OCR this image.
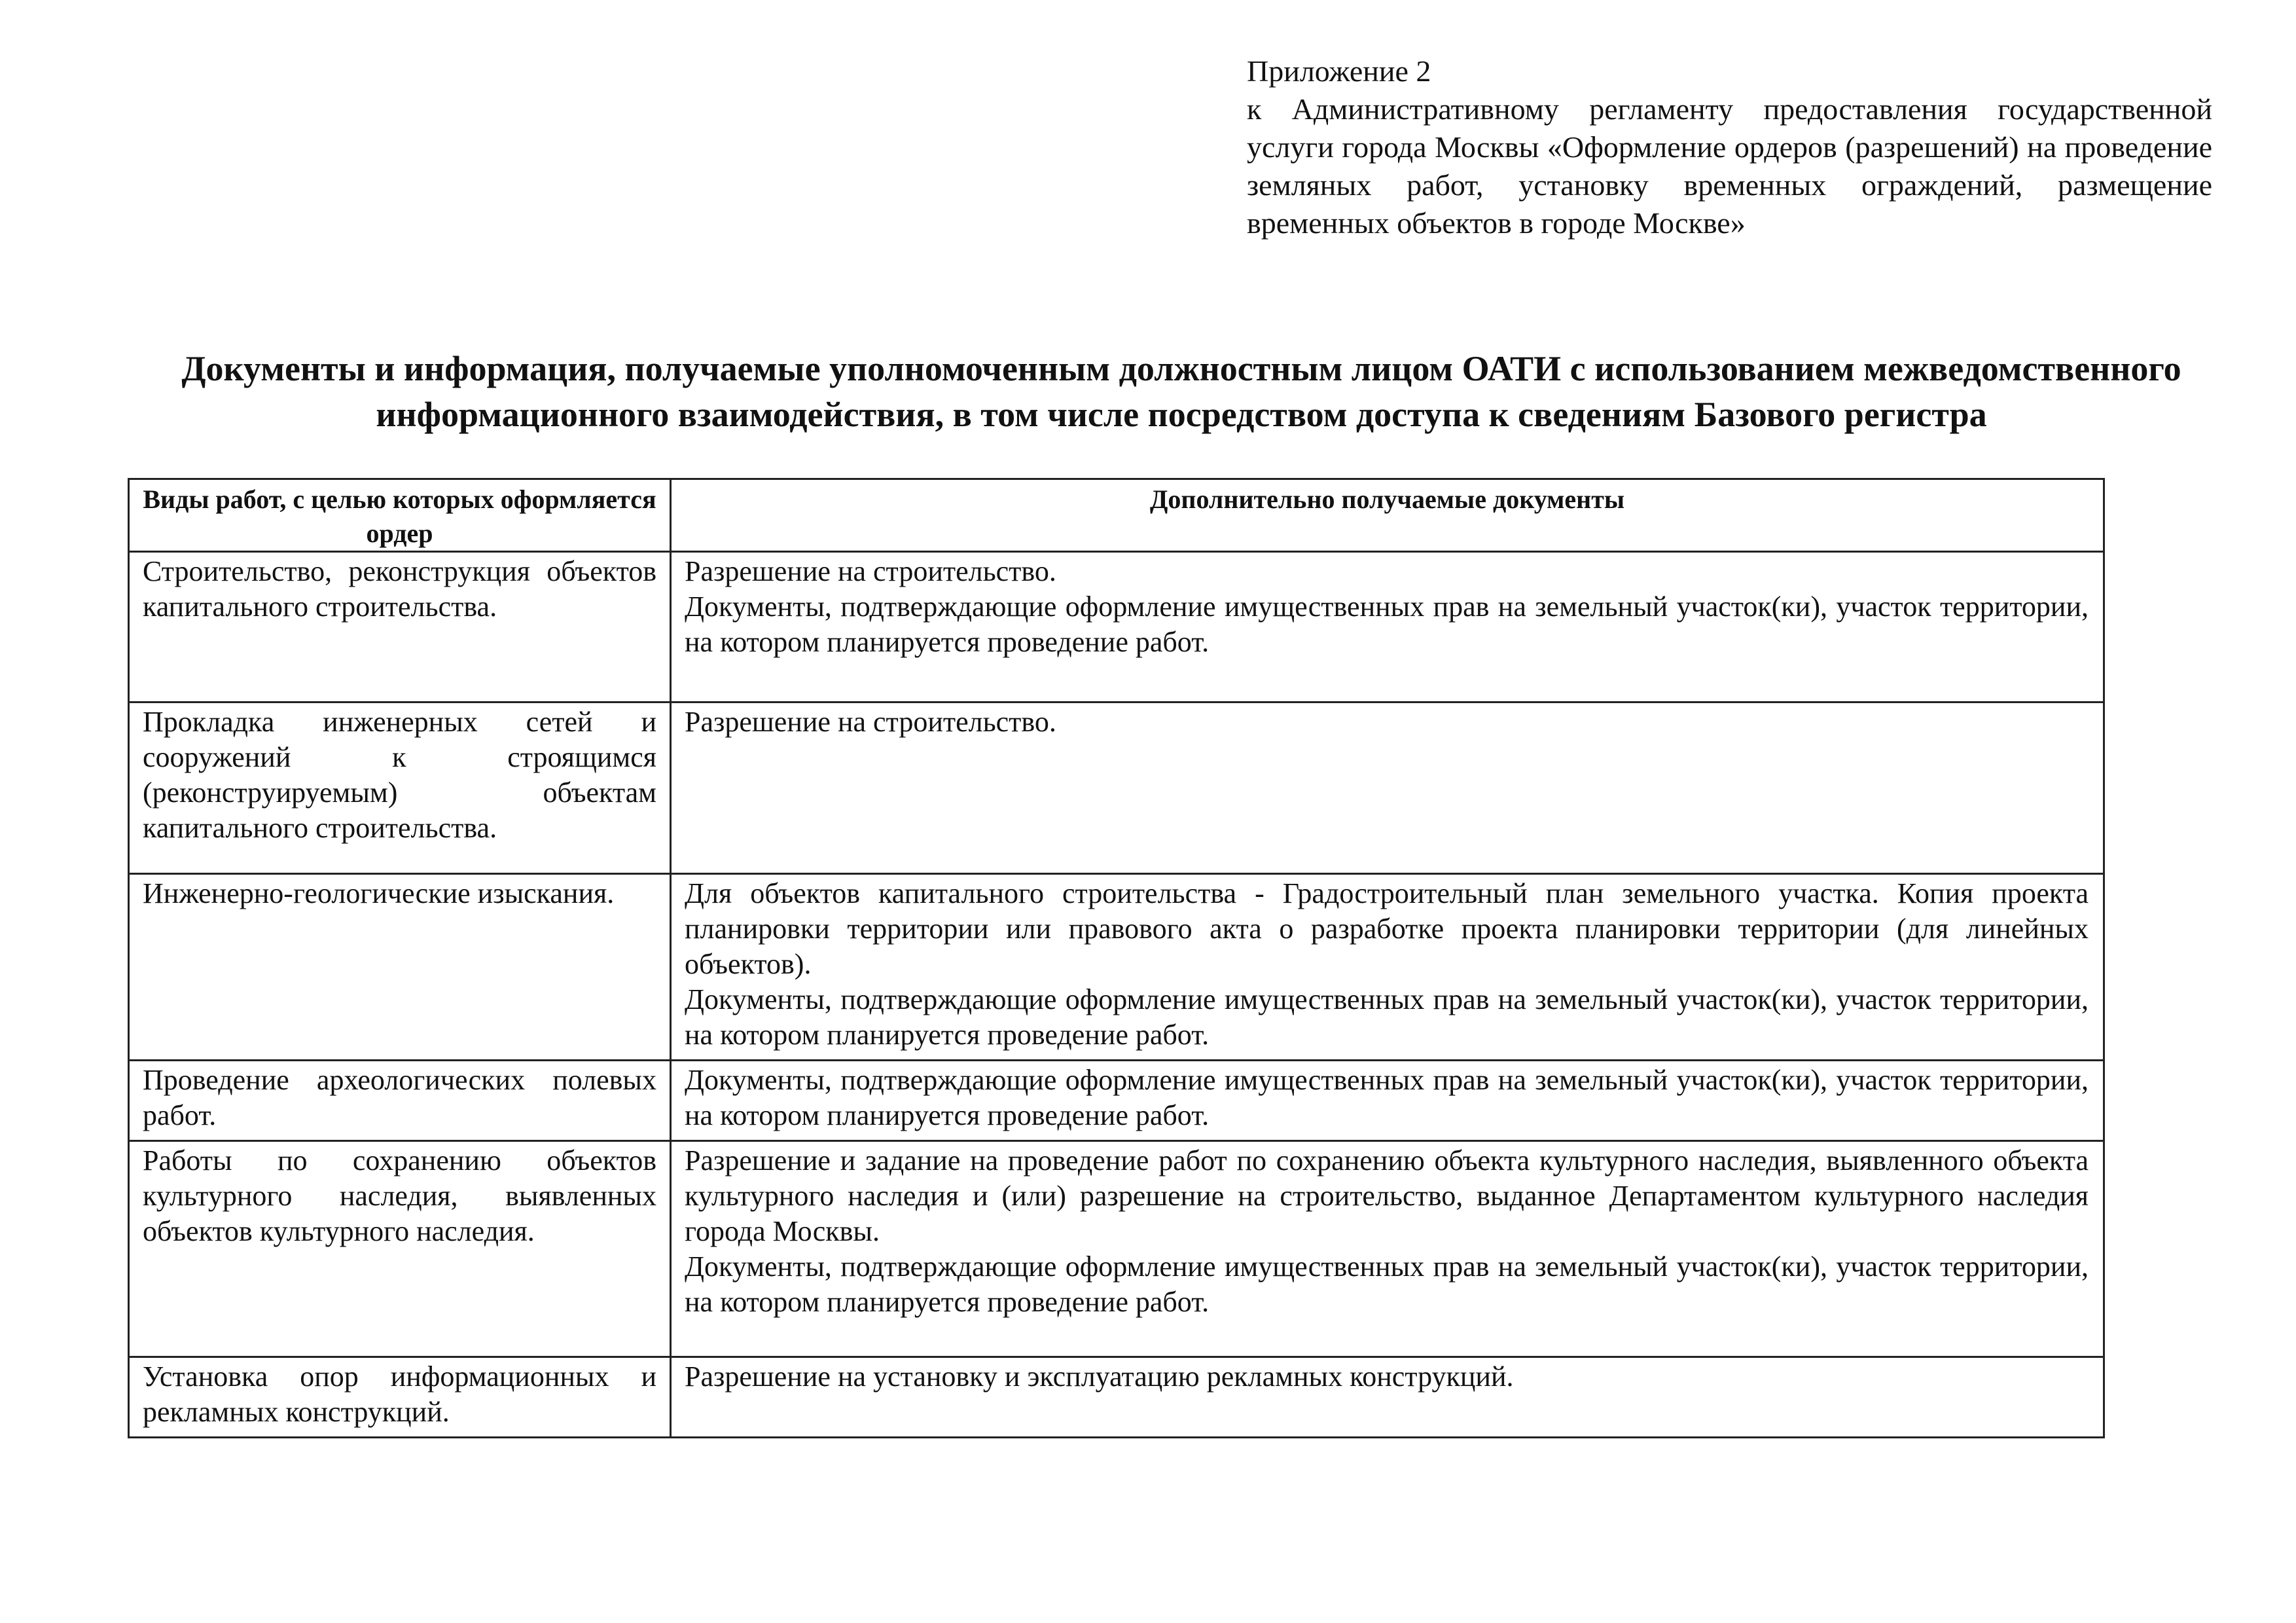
Приложение 2
к Административному регламенту предоставления государственной услуги города Москвы «Оформление ордеров (разрешений) на проведение земляных работ, установку временных ограждений, размещение временных объектов в городе Москве»
Документы и информация, получаемые уполномоченным должностным лицом ОАТИ с использованием межведомственного информационного взаимодействия, в том числе посредством доступа к сведениям Базового регистра
Виды работ, с целью которых оформляется ордер	Дополнительно получаемые документы
Строительство, реконструкция объектов капитального строительства.	Разрешение на строительство.
Документы, подтверждающие оформление имущественных прав на земельный участок(ки), участок территории, на котором планируется проведение работ.

Прокладка инженерных сетей и сооружений к строящимся (реконструируемым) объектам капитального строительства.	Разрешение на строительство.

Инженерно-геологические изыскания.	Для объектов капитального строительства - Градостроительный план земельного участка. Копия проекта планировки территории или правового акта о разработке проекта планировки территории (для линейных объектов).
Документы, подтверждающие оформление имущественных прав на земельный участок(ки), участок территории, на котором планируется проведение работ.

Проведение археологических полевых работ.	Документы, подтверждающие оформление имущественных прав на земельный участок(ки), участок территории, на котором планируется проведение работ.

Работы по сохранению объектов культурного наследия, выявленных объектов культурного наследия.	Разрешение и задание на проведение работ по сохранению объекта культурного наследия, выявленного объекта культурного наследия и (или) разрешение на строительство, выданное Департаментом культурного наследия города Москвы.
Документы, подтверждающие оформление имущественных прав на земельный участок(ки), участок территории, на котором планируется проведение работ.

Установка опор информационных и рекламных конструкций.	Разрешение на установку и эксплуатацию рекламных конструкций.
